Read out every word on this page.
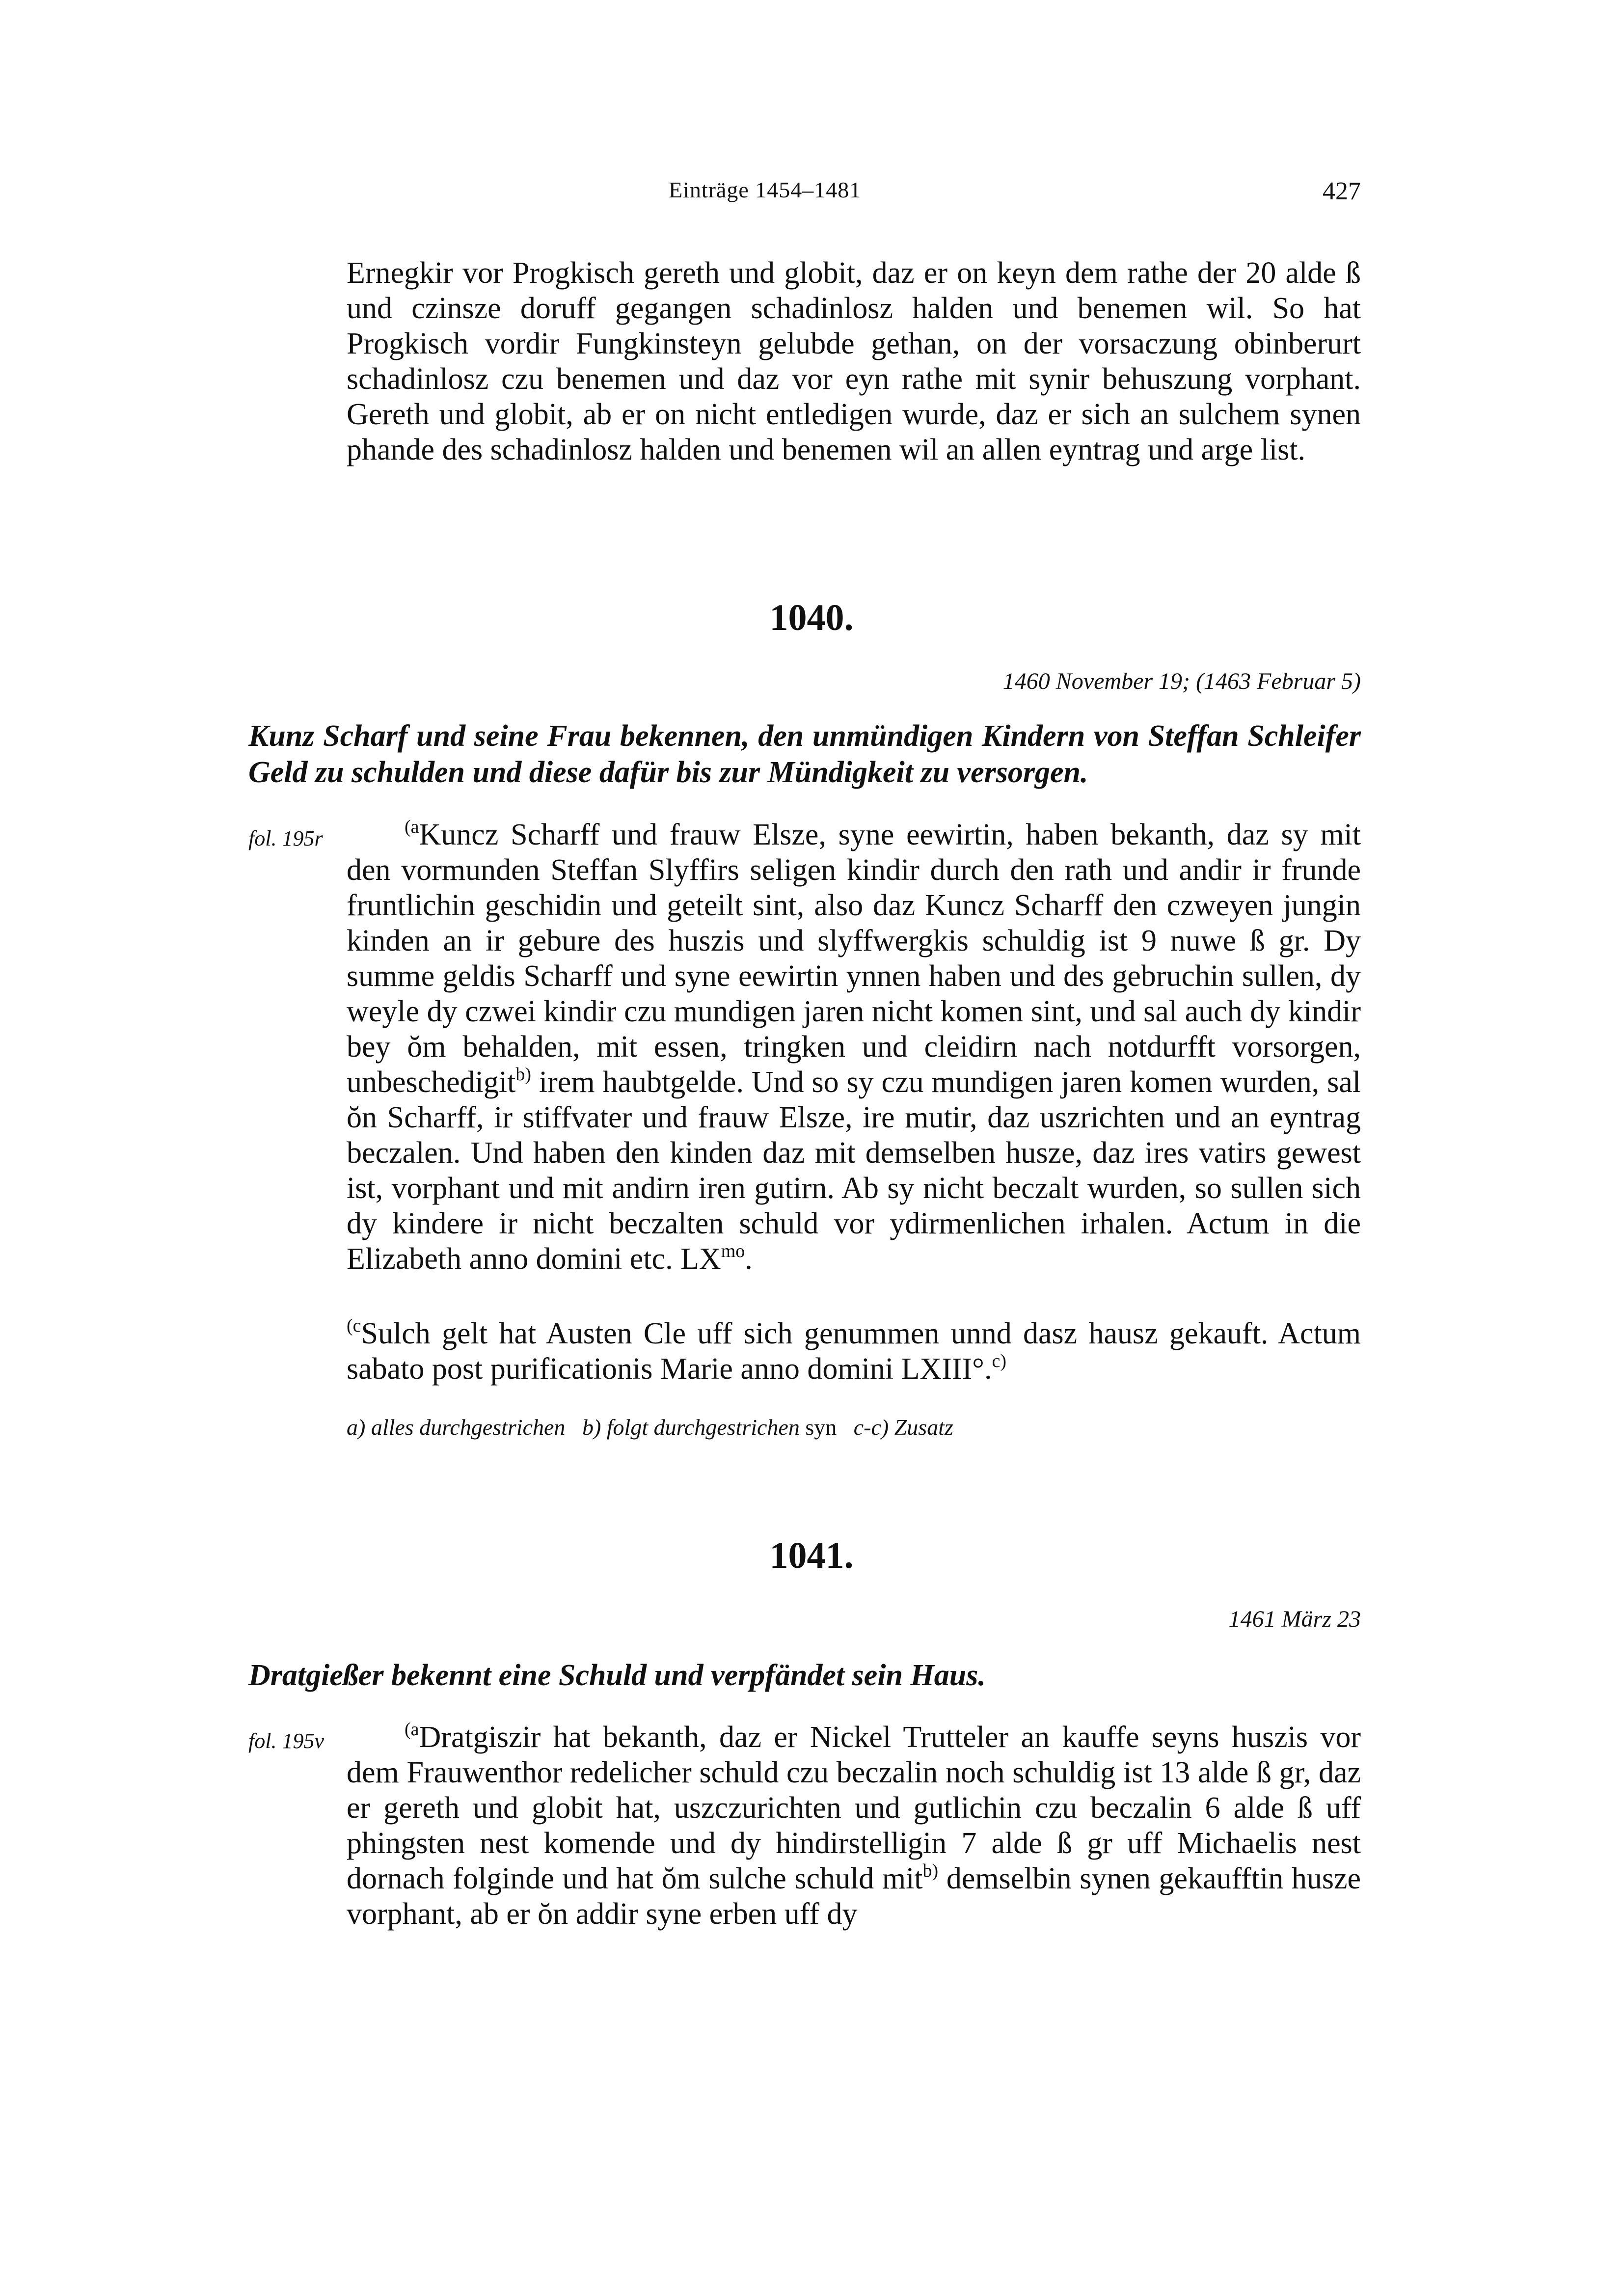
Einträge 1454–1481	427

Ernegkir vor Progkisch gereth und globit, daz er on keyn dem rathe der 20 alde ß und czinsze doruff gegangen schadinlosz halden und benemen wil. So hat Progkisch vordir Fungkinsteyn gelubde gethan, on der vorsaczung obinberurt schadinlosz czu benemen und daz vor eyn rathe mit synir behuszung vorphant. Gereth und globit, ab er on nicht entledigen wurde, daz er sich an sulchem synen phande des schadinlosz halden und benemen wil an allen eyntrag und arge list.

1040.
1460 November 19; (1463 Februar 5)

Kunz Scharf und seine Frau bekennen, den unmündigen Kindern von Steffan Schleifer Geld zu schulden und diese dafür bis zur Mündigkeit zu versorgen.

fol. 195r	$^{(a}$Kuncz Scharff und frauw Elsze, syne eewirtin, haben bekanth, daz sy mit den vormunden Steffan Slyffirs seligen kindir durch den rath und andir ir frunde fruntlichin geschidin und geteilt sint, also daz Kuncz Scharff den czweyen jungin kinden an ir gebure des huszis und slyffwergkis schuldig ist 9 nuwe ß gr. Dy summe geldis Scharff und syne eewirtin ynnen haben und des gebruchin sullen, dy weyle dy czwei kindir czu mundigen jaren nicht komen sint, und sal auch dy kindir bey ŏm behalden, mit essen, tringken und cleidirn nach notdurfft vorsorgen, unbeschedigit$^{b)}$ irem haubtgelde. Und so sy czu mundigen jaren komen wurden, sal ŏn Scharff, ir stiffvater und frauw Elsze, ire mutir, daz uszrichten und an eyntrag beczalen. Und haben den kinden daz mit demselben husze, daz ires vatirs gewest ist, vorphant und mit andirn iren gutirn. Ab sy nicht beczalt wurden, so sullen sich dy kindere ir nicht beczalten schuld vor ydirmenlichen irhalen. Actum in die Elizabeth anno domini etc. $LX^{mo}$.

$^{(c}$Sulch gelt hat Austen Cle uff sich genummen unnd dasz hausz gekauft. Actum sabato post purificationis Marie anno domini LXIII°.$^{c)}$

a) alles durchgestrichen b) folgt durchgestrichen syn c-c) Zusatz
1041.
1461 März 23

Dratgießer bekennt eine Schuld und verpfändet sein Haus.

fol. 195v	$^{(a}$Dratgiszir hat bekanth, daz er Nickel Trutteler an kauffe seyns huszis vor dem Frauwenthor redelicher schuld czu beczalin noch schuldig ist 13 alde ß gr, daz er gereth und globit hat, uszczurichten und gutlichin czu beczalin 6 alde ß uff phingsten nest komende und dy hindirstelligin 7 alde ß gr uff Michaelis nest dornach folginde und hat ŏm sulche schuld mit$^{b)}$ demselbin synen gekaufftin husze vorphant, ab er ŏn addir syne erben uff dy
